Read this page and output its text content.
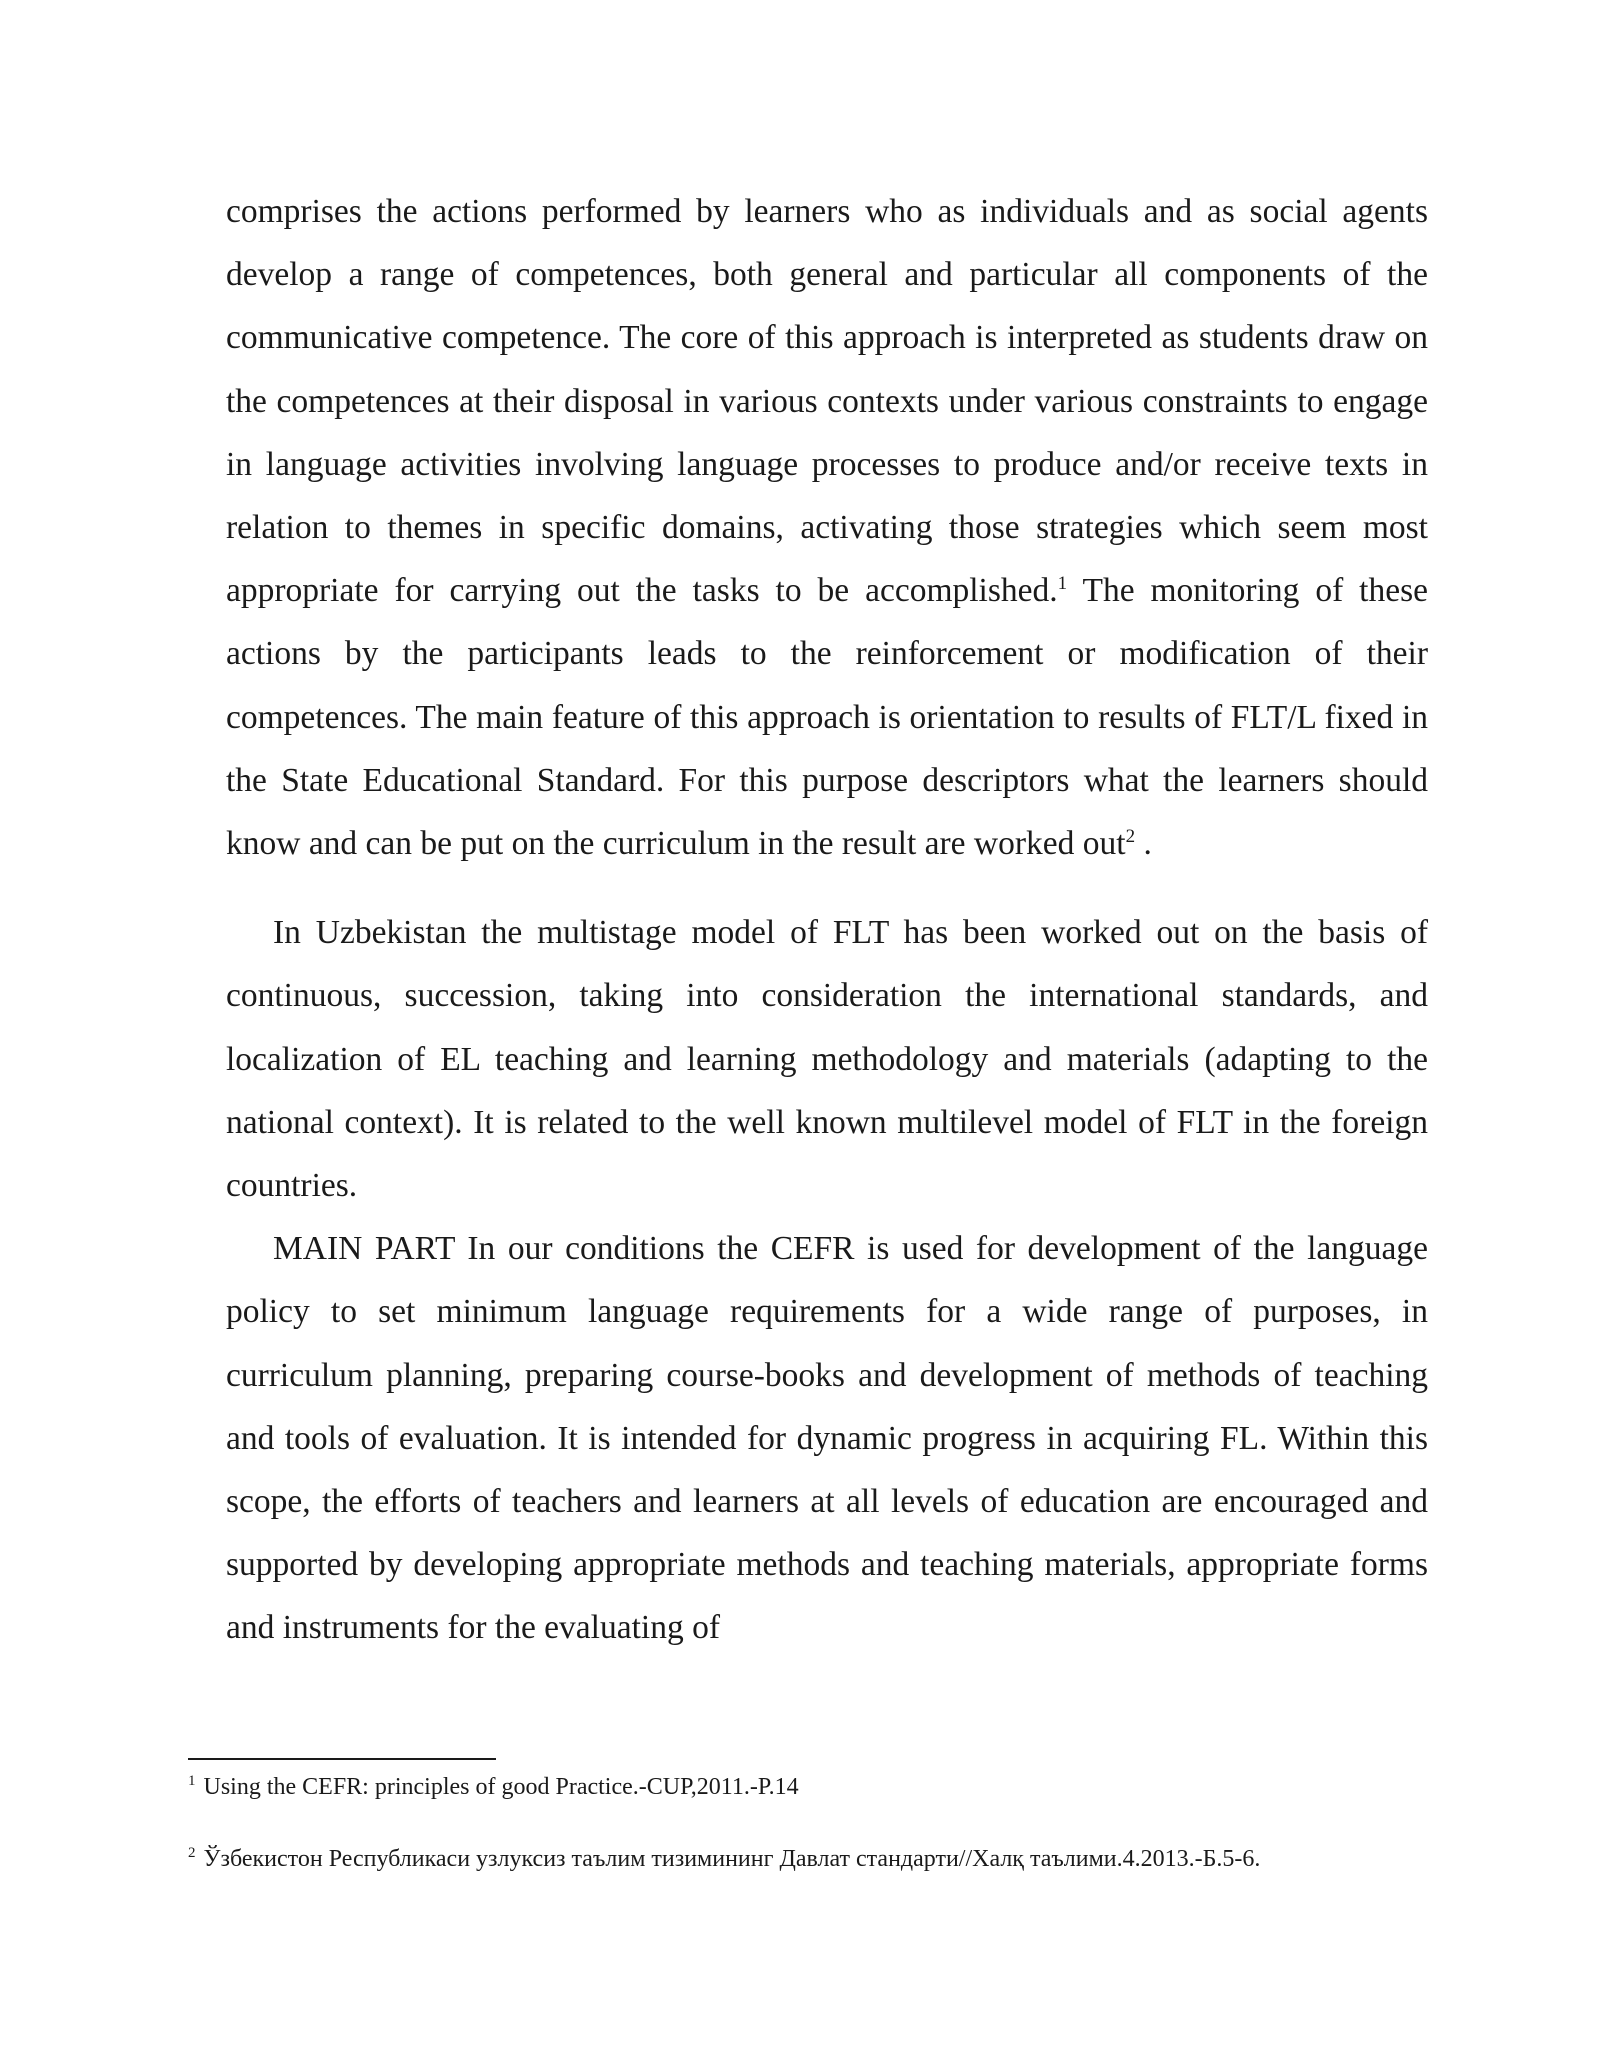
comprises the actions performed by learners who as individuals and as social agents develop a range of competences, both general and particular all components of the communicative competence. The core of this approach is interpreted as students draw on the competences at their disposal in various contexts under various constraints to engage in language activities involving language processes to produce and/or receive texts in relation to themes in specific domains, activating those strategies which seem most appropriate for carrying out the tasks to be accomplished.$^1$ The monitoring of these actions by the participants leads to the reinforcement or modification of their competences. The main feature of this approach is orientation to results of FLT/L fixed in the State Educational Standard. For this purpose descriptors what the learners should know and can be put on the curriculum in the result are worked out$^2$ .

In Uzbekistan the multistage model of FLT has been worked out on the basis of continuous, succession, taking into consideration the international standards, and localization of EL teaching and learning methodology and materials (adapting to the national context). It is related to the well known multilevel model of FLT in the foreign countries.

MAIN PART In our conditions the CEFR is used for development of the language policy to set minimum language requirements for a wide range of purposes, in curriculum planning, preparing course-books and development of methods of teaching and tools of evaluation. It is intended for dynamic progress in acquiring FL. Within this scope, the efforts of teachers and learners at all levels of education are encouraged and supported by developing appropriate methods and teaching materials, appropriate forms and instruments for the evaluating of

$^1$ Using the CEFR: principles of good Practice.-CUP,2011.-P.14

$^2$ Ўзбекистон Республикаси узлуксиз таълим тизимининг Давлат стандарти//Халқ таълими.4.2013.-Б.5-6.
